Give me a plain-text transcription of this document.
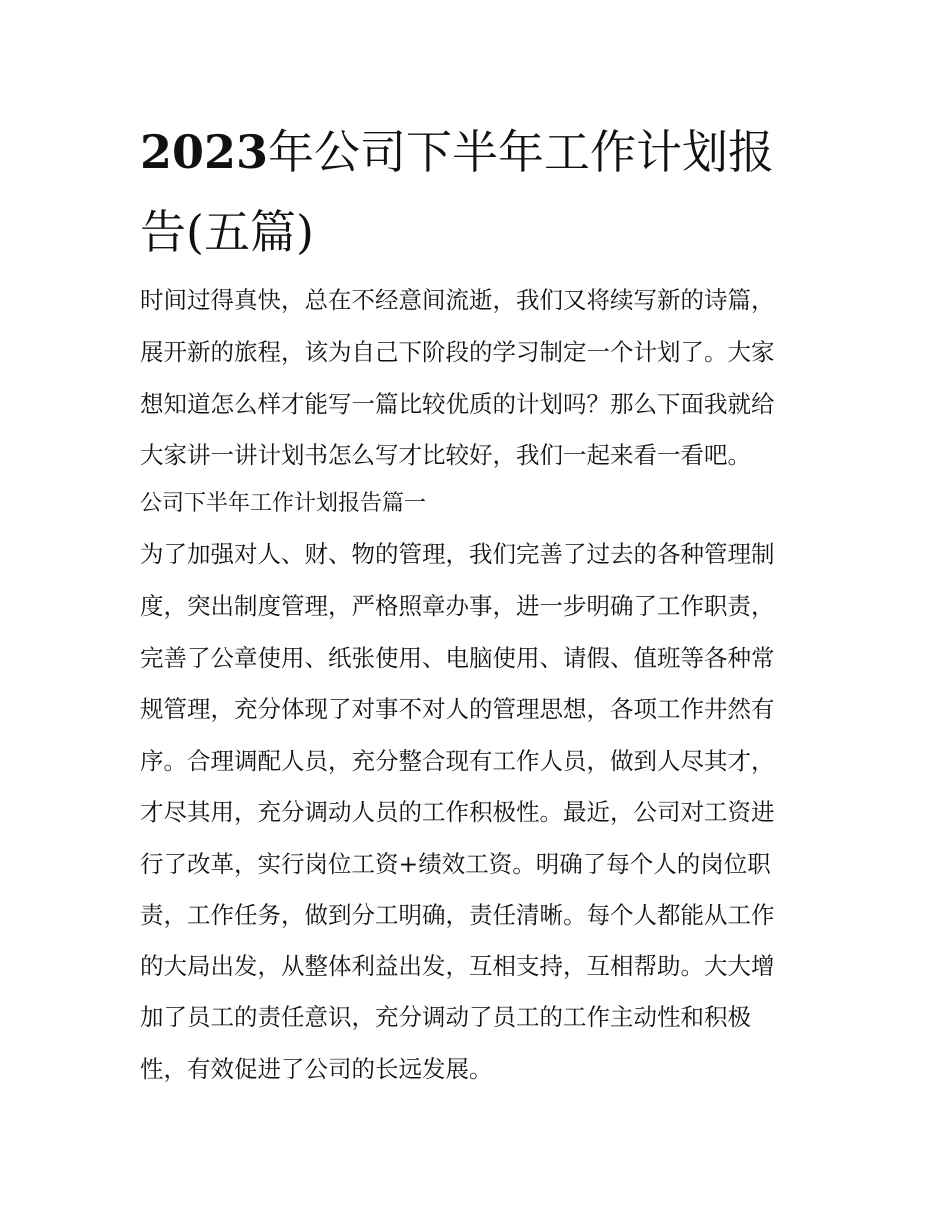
2023年公司下半年工作计划报告(五篇)

时间过得真快，总在不经意间流逝，我们又将续写新的诗篇，

展开新的旅程，该为自己下阶段的学习制定一个计划了。大家

想知道怎么样才能写一篇比较优质的计划吗？那么下面我就给

大家讲一讲计划书怎么写才比较好，我们一起来看一看吧。

公司下半年工作计划报告篇一

为了加强对人、财、物的管理，我们完善了过去的各种管理制

度，突出制度管理，严格照章办事，进一步明确了工作职责，

完善了公章使用、纸张使用、电脑使用、请假、值班等各种常

规管理，充分体现了对事不对人的管理思想，各项工作井然有

序。合理调配人员，充分整合现有工作人员，做到人尽其才，

才尽其用，充分调动人员的工作积极性。最近，公司对工资进

行了改革，实行岗位工资+绩效工资。明确了每个人的岗位职

责，工作任务，做到分工明确，责任清晰。每个人都能从工作

的大局出发，从整体利益出发，互相支持，互相帮助。大大增

加了员工的责任意识，充分调动了员工的工作主动性和积极

性，有效促进了公司的长远发展。
